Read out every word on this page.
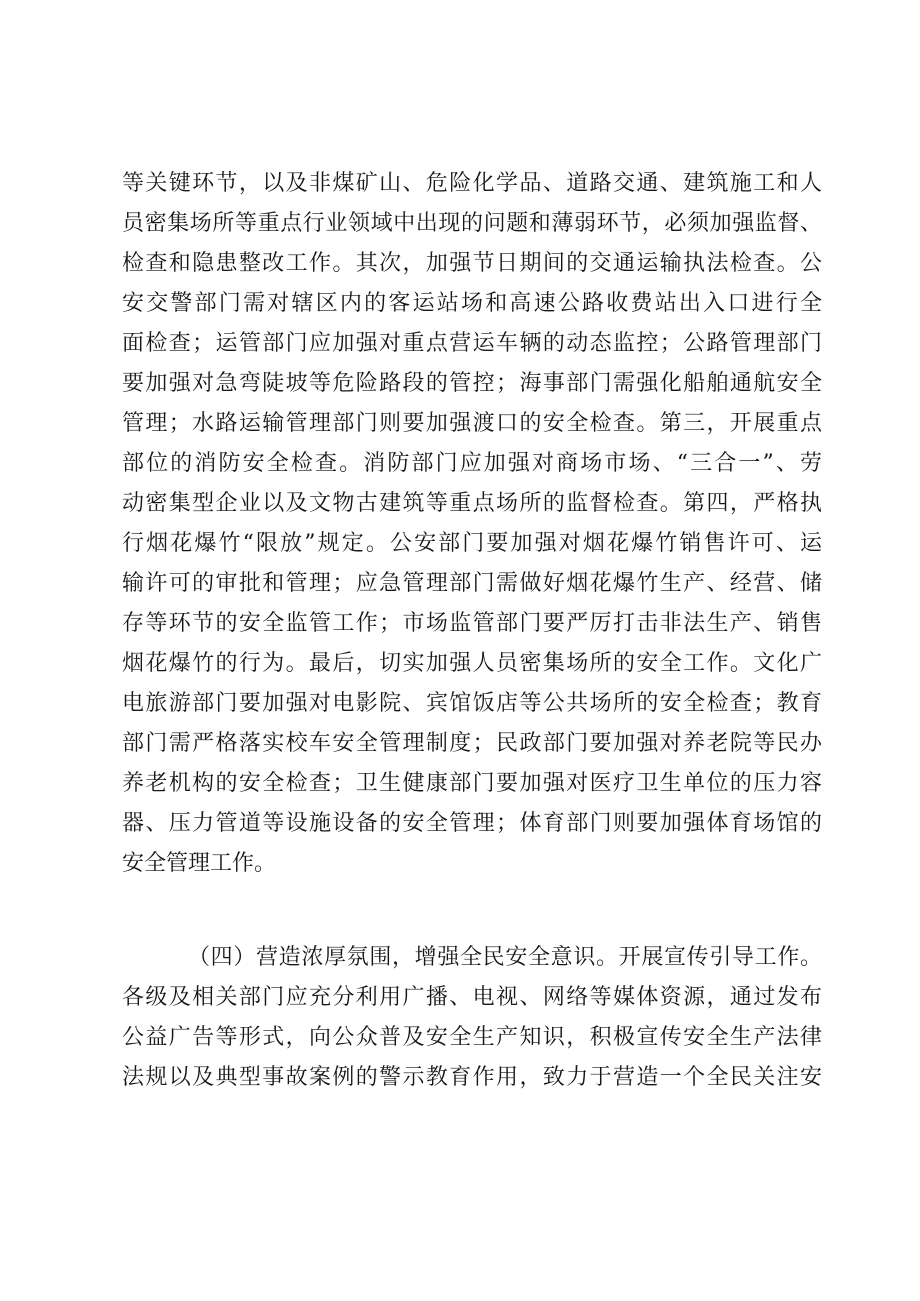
等关键环节，以及非煤矿山、危险化学品、道路交通、建筑施工和人
员密集场所等重点行业领域中出现的问题和薄弱环节，必须加强监督、
检查和隐患整改工作。其次，加强节日期间的交通运输执法检查。公
安交警部门需对辖区内的客运站场和高速公路收费站出入口进行全
面检查；运管部门应加强对重点营运车辆的动态监控；公路管理部门
要加强对急弯陡坡等危险路段的管控；海事部门需强化船舶通航安全
管理；水路运输管理部门则要加强渡口的安全检查。第三，开展重点
部位的消防安全检查。消防部门应加强对商场市场、“三合一”、劳
动密集型企业以及文物古建筑等重点场所的监督检查。第四，严格执
行烟花爆竹“限放”规定。公安部门要加强对烟花爆竹销售许可、运
输许可的审批和管理；应急管理部门需做好烟花爆竹生产、经营、储
存等环节的安全监管工作；市场监管部门要严厉打击非法生产、销售
烟花爆竹的行为。最后，切实加强人员密集场所的安全工作。文化广
电旅游部门要加强对电影院、宾馆饭店等公共场所的安全检查；教育
部门需严格落实校车安全管理制度；民政部门要加强对养老院等民办
养老机构的安全检查；卫生健康部门要加强对医疗卫生单位的压力容
器、压力管道等设施设备的安全管理；体育部门则要加强体育场馆的
安全管理工作。
（四）营造浓厚氛围，增强全民安全意识。开展宣传引导工作。
各级及相关部门应充分利用广播、电视、网络等媒体资源，通过发布
公益广告等形式，向公众普及安全生产知识，积极宣传安全生产法律
法规以及典型事故案例的警示教育作用，致力于营造一个全民关注安
